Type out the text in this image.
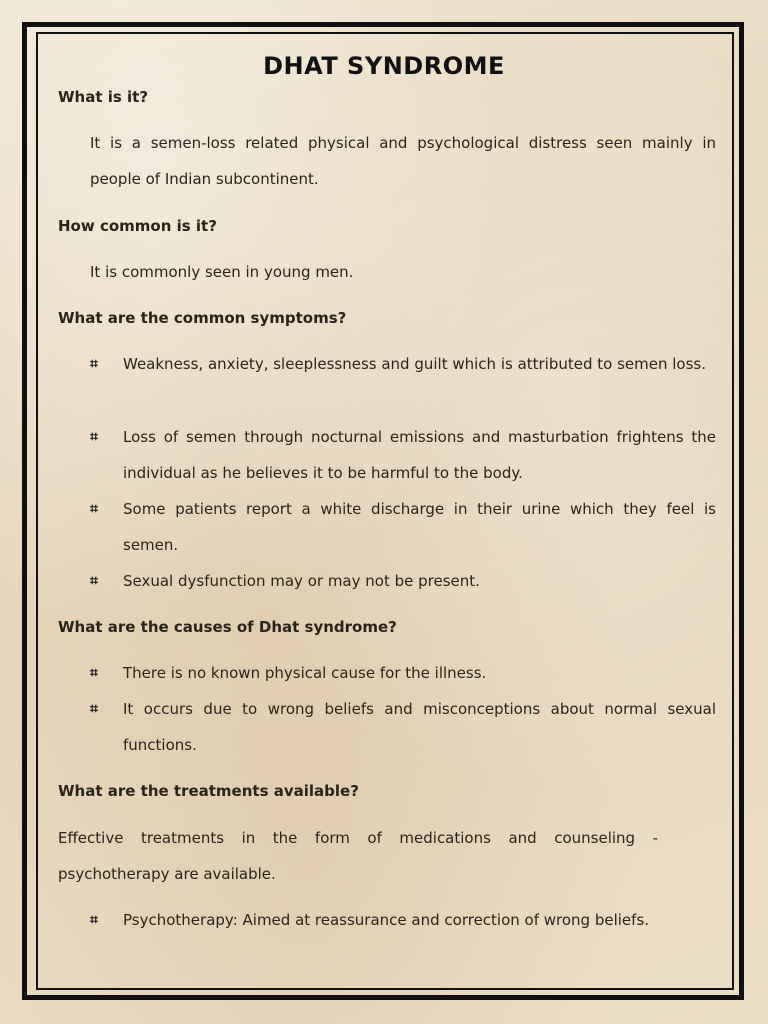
DHAT SYNDROME
What is it?
It is a semen-loss related physical and psychological distress seen mainly in people of Indian subcontinent.
How common is it?
It is commonly seen in young men.
What are the common symptoms?
⌗ Weakness, anxiety, sleeplessness and guilt which is attributed to semen loss.
⌗ Loss of semen through nocturnal emissions and masturbation frightens the individual as he believes it to be harmful to the body.
⌗ Some patients report a white discharge in their urine which they feel is semen.
⌗ Sexual dysfunction may or may not be present.
What are the causes of Dhat syndrome?
⌗ There is no known physical cause for the illness.
⌗ It occurs due to wrong beliefs and misconceptions about normal sexual functions.
What are the treatments available?
Effective treatments in the form of medications and counseling - psychotherapy are available.
⌗ Psychotherapy: Aimed at reassurance and correction of wrong beliefs.
